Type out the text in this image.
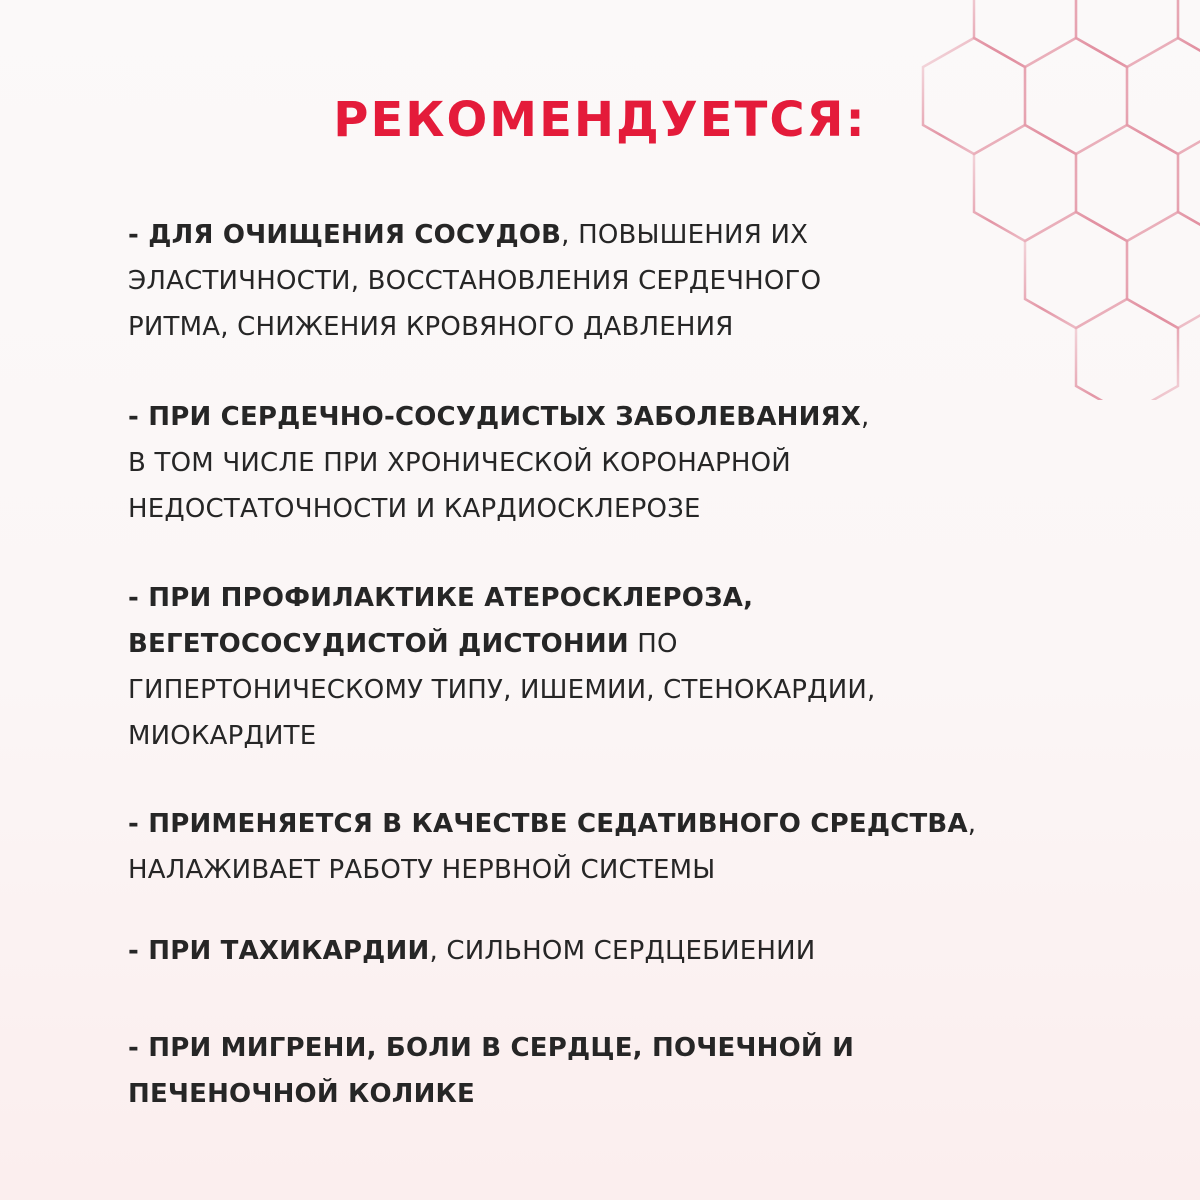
РЕКОМЕНДУЕТСЯ:
- ДЛЯ ОЧИЩЕНИЯ СОСУДОВ, ПОВЫШЕНИЯ ИХ
ЭЛАСТИЧНОСТИ, ВОССТАНОВЛЕНИЯ СЕРДЕЧНОГО
РИТМА, СНИЖЕНИЯ КРОВЯНОГО ДАВЛЕНИЯ
- ПРИ СЕРДЕЧНО-СОСУДИСТЫХ ЗАБОЛЕВАНИЯХ,
В ТОМ ЧИСЛЕ ПРИ ХРОНИЧЕСКОЙ КОРОНАРНОЙ
НЕДОСТАТОЧНОСТИ И КАРДИОСКЛЕРОЗЕ
- ПРИ ПРОФИЛАКТИКЕ АТЕРОСКЛЕРОЗА,
ВЕГЕТОСОСУДИСТОЙ ДИСТОНИИ ПО
ГИПЕРТОНИЧЕСКОМУ ТИПУ, ИШЕМИИ, СТЕНОКАРДИИ,
МИОКАРДИТЕ
- ПРИМЕНЯЕТСЯ В КАЧЕСТВЕ СЕДАТИВНОГО СРЕДСТВА,
НАЛАЖИВАЕТ РАБОТУ НЕРВНОЙ СИСТЕМЫ
- ПРИ ТАХИКАРДИИ, СИЛЬНОМ СЕРДЦЕБИЕНИИ
- ПРИ МИГРЕНИ, БОЛИ В СЕРДЦЕ, ПОЧЕЧНОЙ И
ПЕЧЕНОЧНОЙ КОЛИКЕ
